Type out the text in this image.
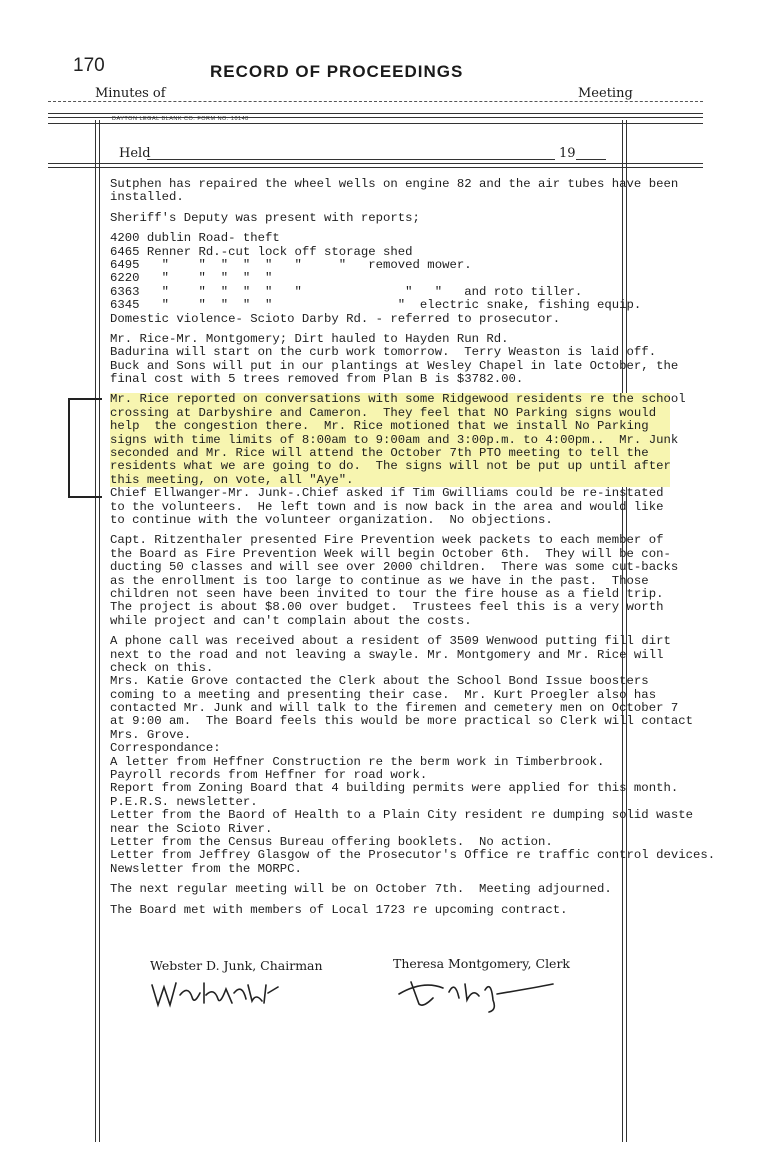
170	RECORD OF PROCEEDINGS
Minutes of	Meeting
DAYTON LEGAL BLANK CO. FORM NO. 10148
Held	19
Sutphen has repaired the wheel wells on engine 82 and the air tubes have been
installed.
Sheriff's Deputy was present with reports;
4200 dublin Road- theft
6465 Renner Rd.-cut lock off storage shed
6495   "    "  "  "  "   "     "   removed mower.
6220   "    "  "  "  "
6363   "    "  "  "  "   "              "   "   and roto tiller.
6345   "    "  "  "  "                 "  electric snake, fishing equip.
Domestic violence- Scioto Darby Rd. - referred to prosecutor.
Mr. Rice-Mr. Montgomery; Dirt hauled to Hayden Run Rd.
Badurina will start on the curb work tomorrow.  Terry Weaston is laid off.
Buck and Sons will put in our plantings at Wesley Chapel in late October, the
final cost with 5 trees removed from Plan B is $3782.00.
Mr. Rice reported on conversations with some Ridgewood residents re the school
crossing at Darbyshire and Cameron.  They feel that NO Parking signs would
help  the congestion there.  Mr. Rice motioned that we install No Parking
signs with time limits of 8:00am to 9:00am and 3:00p.m. to 4:00pm..  Mr. Junk
seconded and Mr. Rice will attend the October 7th PTO meeting to tell the
residents what we are going to do.  The signs will not be put up until after
this meeting, on vote, all "Aye".
Chief Ellwanger-Mr. Junk-.Chief asked if Tim Gwilliams could be re-instated
to the volunteers.  He left town and is now back in the area and would like
to continue with the volunteer organization.  No objections.
Capt. Ritzenthaler presented Fire Prevention week packets to each member of
the Board as Fire Prevention Week will begin October 6th.  They will be con-
ducting 50 classes and will see over 2000 children.  There was some cut-backs
as the enrollment is too large to continue as we have in the past.  Those
children not seen have been invited to tour the fire house as a field trip.
The project is about $8.00 over budget.  Trustees feel this is a very worth
while project and can't complain about the costs.
A phone call was received about a resident of 3509 Wenwood putting fill dirt
next to the road and not leaving a swayle. Mr. Montgomery and Mr. Rice will
check on this.
Mrs. Katie Grove contacted the Clerk about the School Bond Issue boosters
coming to a meeting and presenting their case.  Mr. Kurt Proegler also has
contacted Mr. Junk and will talk to the firemen and cemetery men on October 7
at 9:00 am.  The Board feels this would be more practical so Clerk will contact
Mrs. Grove.
Correspondance:
A letter from Heffner Construction re the berm work in Timberbrook.
Payroll records from Heffner for road work.
Report from Zoning Board that 4 building permits were applied for this month.
P.E.R.S. newsletter.
Letter from the Baord of Health to a Plain City resident re dumping solid waste
near the Scioto River.
Letter from the Census Bureau offering booklets.  No action.
Letter from Jeffrey Glasgow of the Prosecutor's Office re traffic control devices.
Newsletter from the MORPC.
The next regular meeting will be on October 7th.  Meeting adjourned.
The Board met with members of Local 1723 re upcoming contract.
Webster D. Junk, Chairman	Theresa Montgomery, Clerk
